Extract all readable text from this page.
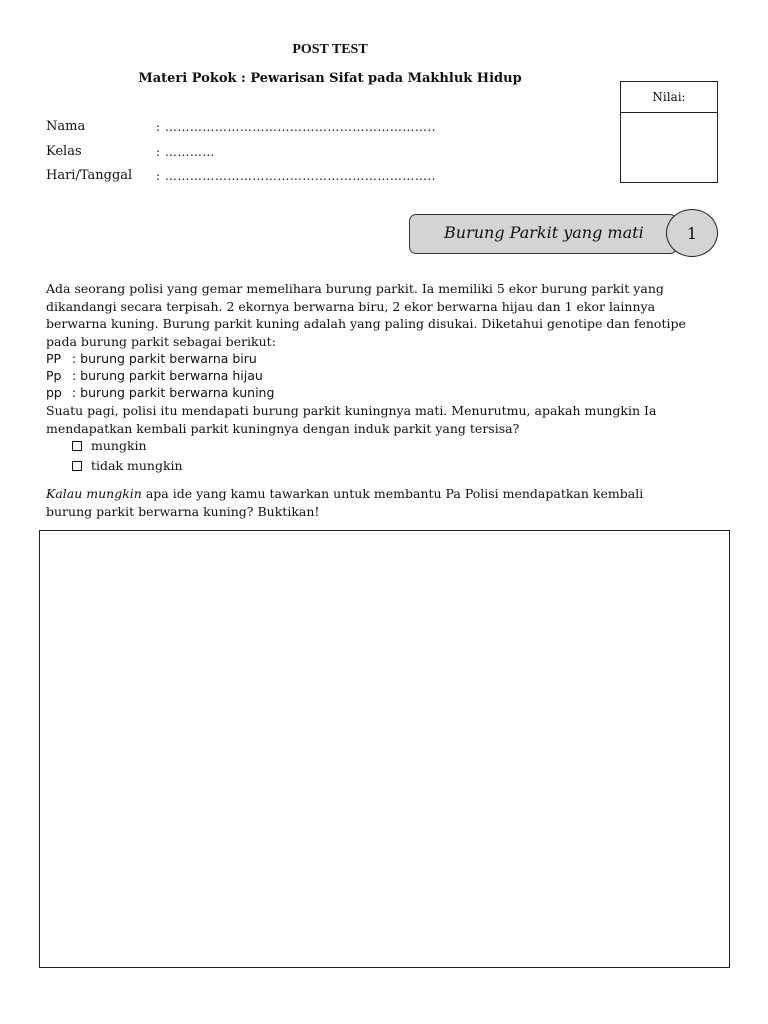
POST TEST
Materi Pokok : Pewarisan Sifat pada Makhluk Hidup
Nilai:
Nama	: ………………………………………………………..
Kelas	: …………
Hari/Tanggal : ………………………………………………………..
Burung Parkit yang mati	1
Ada seorang polisi yang gemar memelihara burung parkit. Ia memiliki 5 ekor burung parkit yang
dikandangi secara terpisah. 2 ekornya berwarna biru, 2 ekor berwarna hijau dan 1 ekor lainnya
berwarna kuning. Burung parkit kuning adalah yang paling disukai. Diketahui genotipe dan fenotipe
pada burung parkit sebagai berikut:
PP : burung parkit berwarna biru
Pp : burung parkit berwarna hijau
pp : burung parkit berwarna kuning
Suatu pagi, polisi itu mendapati burung parkit kuningnya mati. Menurutmu, apakah mungkin Ia
mendapatkan kembali parkit kuningnya dengan induk parkit yang tersisa?
mungkin
tidak mungkin
Kalau mungkin apa ide yang kamu tawarkan untuk membantu Pa Polisi mendapatkan kembali
burung parkit berwarna kuning? Buktikan!
